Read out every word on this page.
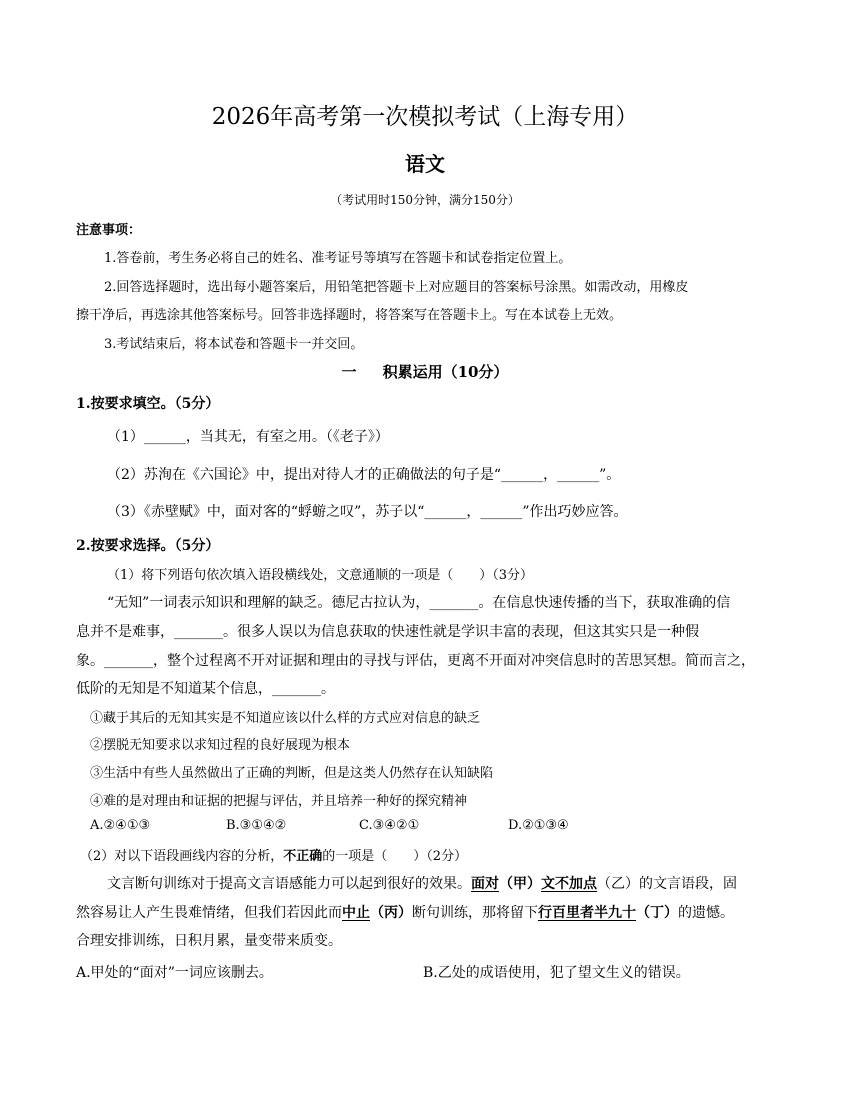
2026年高考第一次模拟考试（上海专用）
语文
（考试用时150分钟，满分150分）
注意事项：
1.答卷前，考生务必将自己的姓名、准考证号等填写在答题卡和试卷指定位置上。
2.回答选择题时，选出每小题答案后，用铅笔把答题卡上对应题目的答案标号涂黑。如需改动，用橡皮
擦干净后，再选涂其他答案标号。回答非选择题时，将答案写在答题卡上。写在本试卷上无效。
3.考试结束后，将本试卷和答题卡一并交回。
一 积累运用（10分）
1.按要求填空。（5分）
（1）______，当其无，有室之用。（《老子》）
（2）苏洵在《六国论》中，提出对待人才的正确做法的句子是“______，______”。
（3）《赤壁赋》中，面对客的“蜉蝣之叹”，苏子以“______，______”作出巧妙应答。
2.按要求选择。（5分）
（1）将下列语句依次填入语段横线处，文意通顺的一项是（　　）（3分）
“无知”一词表示知识和理解的缺乏。德尼古拉认为，_______。在信息快速传播的当下，获取准确的信
息并不是难事，_______。很多人误以为信息获取的快速性就是学识丰富的表现，但这其实只是一种假
象。_______，整个过程离不开对证据和理由的寻找与评估，更离不开面对冲突信息时的苦思冥想。简而言之，
低阶的无知是不知道某个信息，_______。
①藏于其后的无知其实是不知道应该以什么样的方式应对信息的缺乏
②摆脱无知要求以求知过程的良好展现为根本
③生活中有些人虽然做出了正确的判断，但是这类人仍然存在认知缺陷
④难的是对理由和证据的把握与评估，并且培养一种好的探究精神
A.②④①③	B.③①④②	C.③④②①	D.②①③④
（2）对以下语段画线内容的分析，不正确的一项是（　　）（2分）
文言断句训练对于提高文言语感能力可以起到很好的效果。面对（甲）文不加点（乙）的文言语段，固
然容易让人产生畏难情绪，但我们若因此而中止（丙）断句训练，那将留下行百里者半九十（丁）的遗憾。
合理安排训练，日积月累，量变带来质变。
A.甲处的“面对”一词应该删去。	B.乙处的成语使用，犯了望文生义的错误。
